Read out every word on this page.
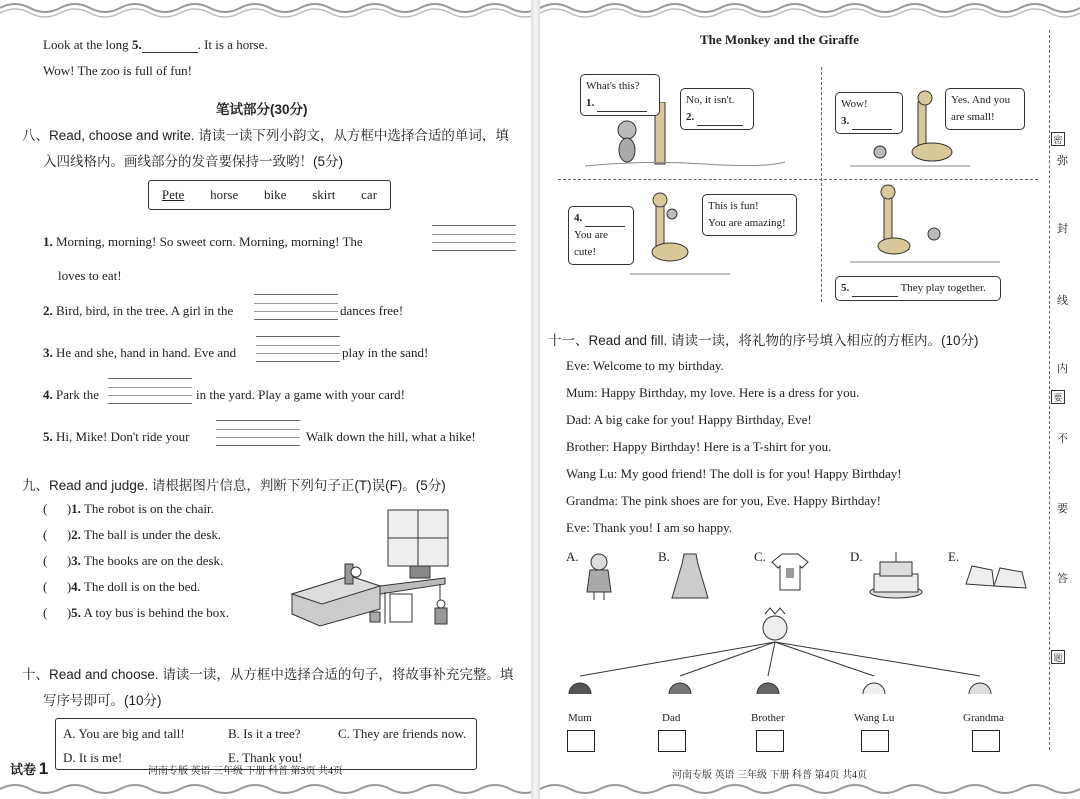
Look at the long 5.	. It is a horse.
Wow! The zoo is full of fun!
笔试部分(30分)
八、Read, choose and write. 请读一读下列小韵文，从方框中选择合适的单词，填
入四线格内。画线部分的发音要保持一致哟！(5分)
Pete horse bike skirt car
1. Morning, morning! So sweet corn. Morning, morning! The
loves to eat!
2. Bird, bird, in the tree. A girl in the	dances free!
3. He and she, hand in hand. Eve and	play in the sand!
4. Park the	in the yard. Play a game with your card!
5. Hi, Mike! Don't ride your	Walk down the hill, what a hike!
九、Read and judge. 请根据图片信息，判断下列句子正(T)误(F)。(5分)
(      )1. The robot is on the chair.
(      )2. The ball is under the desk.
(      )3. The books are on the desk.
(      )4. The doll is on the bed.
(      )5. A toy bus is behind the box.
十、Read and choose. 请读一读，从方框中选择合适的句子，将故事补充完整。填
写序号即可。(10分)
A. You are big and tall!	B. Is it a tree?	C. They are friends now.
D. It is me!	E. Thank you!
试卷 1	河南专版 英语 三年级 下册 科普 第3页 共4页
The Monkey and the Giraffe
What's this?
1.	No, it isn't.
2.
Wow!
3.
Yes. And you are small!
4.
You are cute!
This is fun!
You are amazing!
5.	They play together.
十一、Read and fill. 请读一读，将礼物的序号填入相应的方框内。(10分)
Eve: Welcome to my birthday.
Mum: Happy Birthday, my love. Here is a dress for you.
Dad: A big cake for you! Happy Birthday, Eve!
Brother: Happy Birthday! Here is a T-shirt for you.
Wang Lu: My good friend! The doll is for you! Happy Birthday!
Grandma: The pink shoes are for you, Eve. Happy Birthday!
Eve: Thank you! I am so happy.
A.	B.	C.	D.	E.
Mum	Dad	Brother	Wang Lu	Grandma
河南专版 英语 三年级 下册 科普 第4页 共4页
密
弥
封
线
内
要
不
要
答
题
